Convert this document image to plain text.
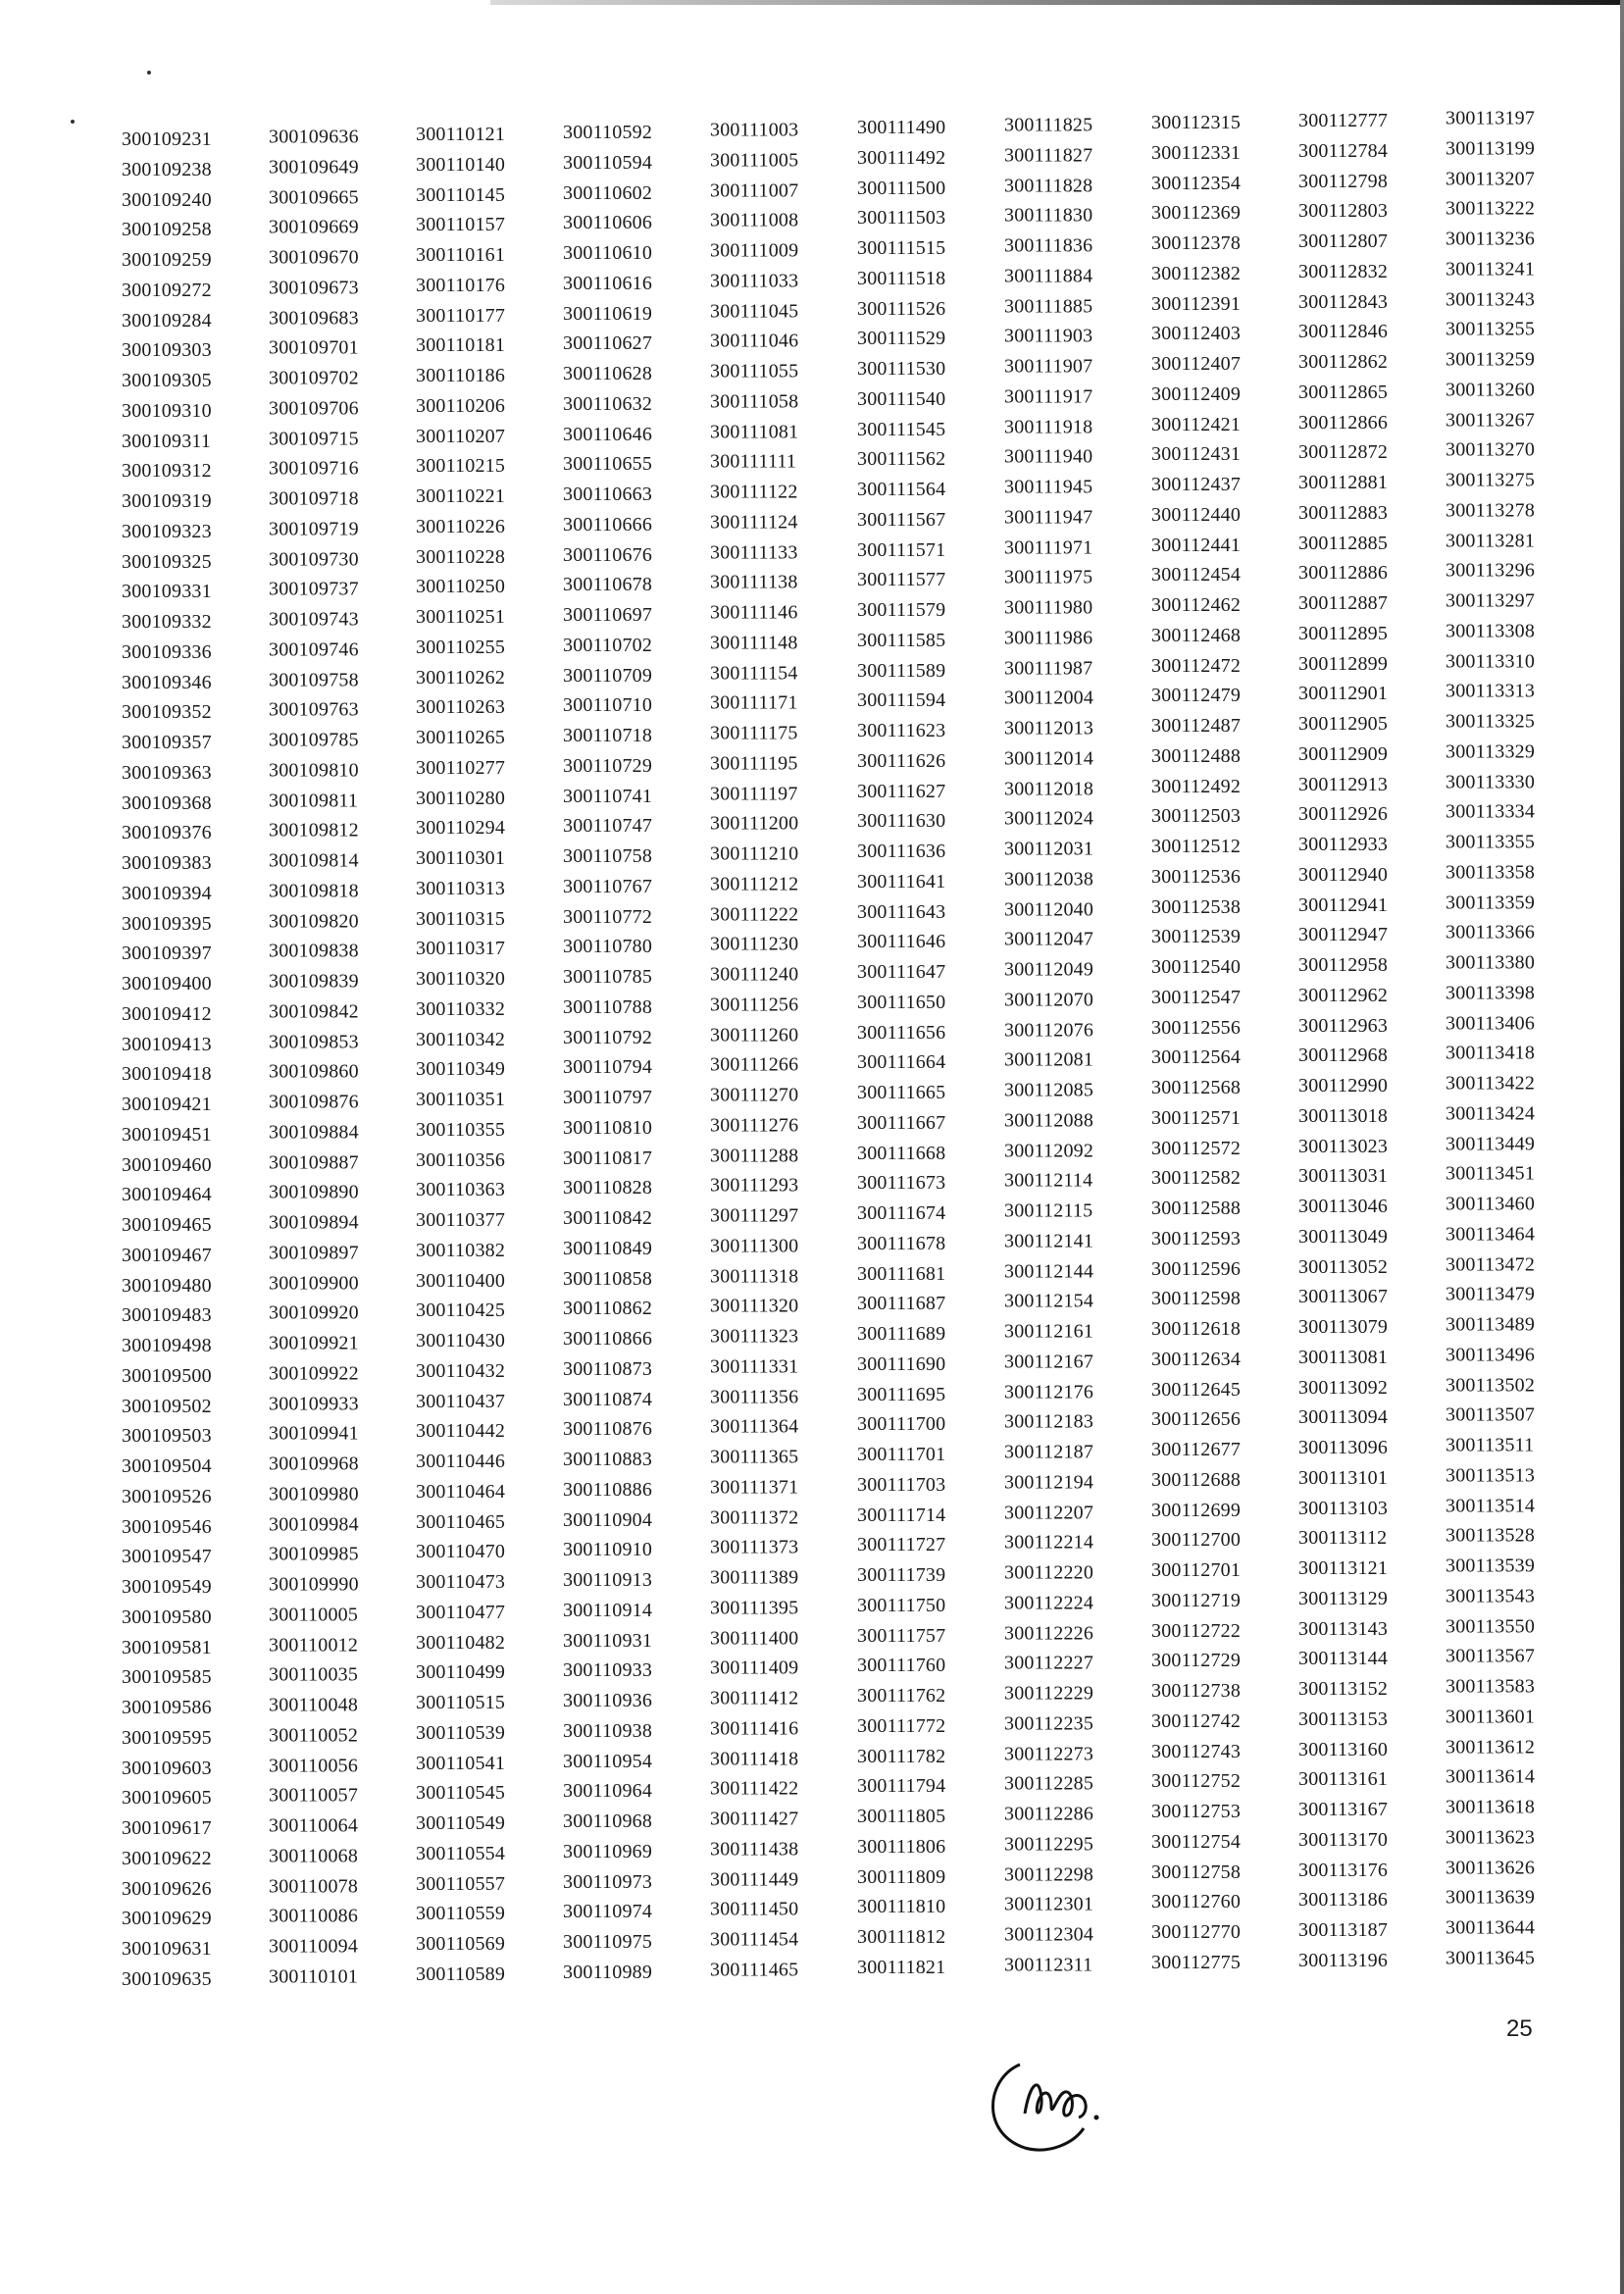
300109231
300109238
300109240
300109258
300109259
300109272
300109284
300109303
300109305
300109310
300109311
300109312
300109319
300109323
300109325
300109331
300109332
300109336
300109346
300109352
300109357
300109363
300109368
300109376
300109383
300109394
300109395
300109397
300109400
300109412
300109413
300109418
300109421
300109451
300109460
300109464
300109465
300109467
300109480
300109483
300109498
300109500
300109502
300109503
300109504
300109526
300109546
300109547
300109549
300109580
300109581
300109585
300109586
300109595
300109603
300109605
300109617
300109622
300109626
300109629
300109631
300109635
300109636
300109649
300109665
300109669
300109670
300109673
300109683
300109701
300109702
300109706
300109715
300109716
300109718
300109719
300109730
300109737
300109743
300109746
300109758
300109763
300109785
300109810
300109811
300109812
300109814
300109818
300109820
300109838
300109839
300109842
300109853
300109860
300109876
300109884
300109887
300109890
300109894
300109897
300109900
300109920
300109921
300109922
300109933
300109941
300109968
300109980
300109984
300109985
300109990
300110005
300110012
300110035
300110048
300110052
300110056
300110057
300110064
300110068
300110078
300110086
300110094
300110101
300110121
300110140
300110145
300110157
300110161
300110176
300110177
300110181
300110186
300110206
300110207
300110215
300110221
300110226
300110228
300110250
300110251
300110255
300110262
300110263
300110265
300110277
300110280
300110294
300110301
300110313
300110315
300110317
300110320
300110332
300110342
300110349
300110351
300110355
300110356
300110363
300110377
300110382
300110400
300110425
300110430
300110432
300110437
300110442
300110446
300110464
300110465
300110470
300110473
300110477
300110482
300110499
300110515
300110539
300110541
300110545
300110549
300110554
300110557
300110559
300110569
300110589
300110592
300110594
300110602
300110606
300110610
300110616
300110619
300110627
300110628
300110632
300110646
300110655
300110663
300110666
300110676
300110678
300110697
300110702
300110709
300110710
300110718
300110729
300110741
300110747
300110758
300110767
300110772
300110780
300110785
300110788
300110792
300110794
300110797
300110810
300110817
300110828
300110842
300110849
300110858
300110862
300110866
300110873
300110874
300110876
300110883
300110886
300110904
300110910
300110913
300110914
300110931
300110933
300110936
300110938
300110954
300110964
300110968
300110969
300110973
300110974
300110975
300110989
300111003
300111005
300111007
300111008
300111009
300111033
300111045
300111046
300111055
300111058
300111081
300111111
300111122
300111124
300111133
300111138
300111146
300111148
300111154
300111171
300111175
300111195
300111197
300111200
300111210
300111212
300111222
300111230
300111240
300111256
300111260
300111266
300111270
300111276
300111288
300111293
300111297
300111300
300111318
300111320
300111323
300111331
300111356
300111364
300111365
300111371
300111372
300111373
300111389
300111395
300111400
300111409
300111412
300111416
300111418
300111422
300111427
300111438
300111449
300111450
300111454
300111465
300111490
300111492
300111500
300111503
300111515
300111518
300111526
300111529
300111530
300111540
300111545
300111562
300111564
300111567
300111571
300111577
300111579
300111585
300111589
300111594
300111623
300111626
300111627
300111630
300111636
300111641
300111643
300111646
300111647
300111650
300111656
300111664
300111665
300111667
300111668
300111673
300111674
300111678
300111681
300111687
300111689
300111690
300111695
300111700
300111701
300111703
300111714
300111727
300111739
300111750
300111757
300111760
300111762
300111772
300111782
300111794
300111805
300111806
300111809
300111810
300111812
300111821
300111825
300111827
300111828
300111830
300111836
300111884
300111885
300111903
300111907
300111917
300111918
300111940
300111945
300111947
300111971
300111975
300111980
300111986
300111987
300112004
300112013
300112014
300112018
300112024
300112031
300112038
300112040
300112047
300112049
300112070
300112076
300112081
300112085
300112088
300112092
300112114
300112115
300112141
300112144
300112154
300112161
300112167
300112176
300112183
300112187
300112194
300112207
300112214
300112220
300112224
300112226
300112227
300112229
300112235
300112273
300112285
300112286
300112295
300112298
300112301
300112304
300112311
300112315
300112331
300112354
300112369
300112378
300112382
300112391
300112403
300112407
300112409
300112421
300112431
300112437
300112440
300112441
300112454
300112462
300112468
300112472
300112479
300112487
300112488
300112492
300112503
300112512
300112536
300112538
300112539
300112540
300112547
300112556
300112564
300112568
300112571
300112572
300112582
300112588
300112593
300112596
300112598
300112618
300112634
300112645
300112656
300112677
300112688
300112699
300112700
300112701
300112719
300112722
300112729
300112738
300112742
300112743
300112752
300112753
300112754
300112758
300112760
300112770
300112775
300112777
300112784
300112798
300112803
300112807
300112832
300112843
300112846
300112862
300112865
300112866
300112872
300112881
300112883
300112885
300112886
300112887
300112895
300112899
300112901
300112905
300112909
300112913
300112926
300112933
300112940
300112941
300112947
300112958
300112962
300112963
300112968
300112990
300113018
300113023
300113031
300113046
300113049
300113052
300113067
300113079
300113081
300113092
300113094
300113096
300113101
300113103
300113112
300113121
300113129
300113143
300113144
300113152
300113153
300113160
300113161
300113167
300113170
300113176
300113186
300113187
300113196
300113197
300113199
300113207
300113222
300113236
300113241
300113243
300113255
300113259
300113260
300113267
300113270
300113275
300113278
300113281
300113296
300113297
300113308
300113310
300113313
300113325
300113329
300113330
300113334
300113355
300113358
300113359
300113366
300113380
300113398
300113406
300113418
300113422
300113424
300113449
300113451
300113460
300113464
300113472
300113479
300113489
300113496
300113502
300113507
300113511
300113513
300113514
300113528
300113539
300113543
300113550
300113567
300113583
300113601
300113612
300113614
300113618
300113623
300113626
300113639
300113644
300113645
25
